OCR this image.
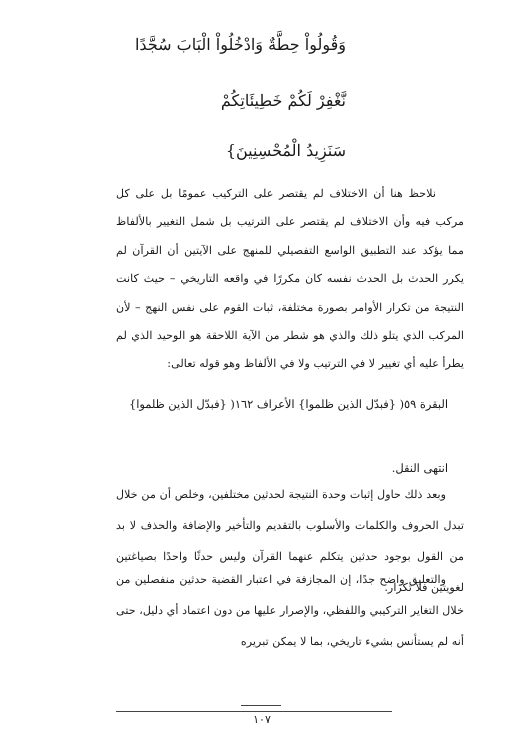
وَقُولُواْ حِطَّةٌ وَادْخُلُواْ الْبَابَ سُجَّدًا
نَّغْفِرْ لَكُمْ خَطِيئَاتِكُمْ
سَنَزِيدُ الْمُحْسِنِينَ}
نلاحظ هنا أن الاختلاف لم يقتصر على التركيب عمومًا بل على كل مركب فيه وأن الاختلاف لم يقتصر على الترتيب بل شمل التغيير بالألفاظ مما يؤكد عند التطبيق الواسع التفصيلي للمنهج على الآيتين أن القرآن لم يكرر الحدث بل الحدث نفسه كان مكررًا في واقعه التاريخي – حيث كانت النتيجة من تكرار الأوامر بصورة مختلفة، ثبات القوم على نفس النهج – لأن المركب الذي يتلو ذلك والذي هو شطر من الآية اللاحقة هو الوحيد الذي لم يطرأ عليه أي تغيير لا في الترتيب ولا في الألفاظ وهو قوله تعالى:
البقرة ٥٩( {فبدّل الذين ظلموا} الأعراف ١٦٢( {فبدّل الذين ظلموا}
انتهى النقل.
وبعد ذلك حاول إثبات وحدة النتيجة لحدثين مختلفين، وخلص أن من خلال تبدل الحروف والكلمات والأسلوب بالتقديم والتأخير والإضافة والحذف لا بد من القول بوجود حدثين يتكلم عنهما القرآن وليس حدثًا واحدًا بصياغتين لغويتين فلا تكرار.
والتعليق واضح جدًا، إن المجازفة في اعتبار القضية حدثين منفصلين من خلال التغاير التركيبي واللفظي، والإصرار عليها من دون اعتماد أي دليل، حتى أنه لم يستأنس بشيء تاريخي، بما لا يمكن تبريره
١٠٧
